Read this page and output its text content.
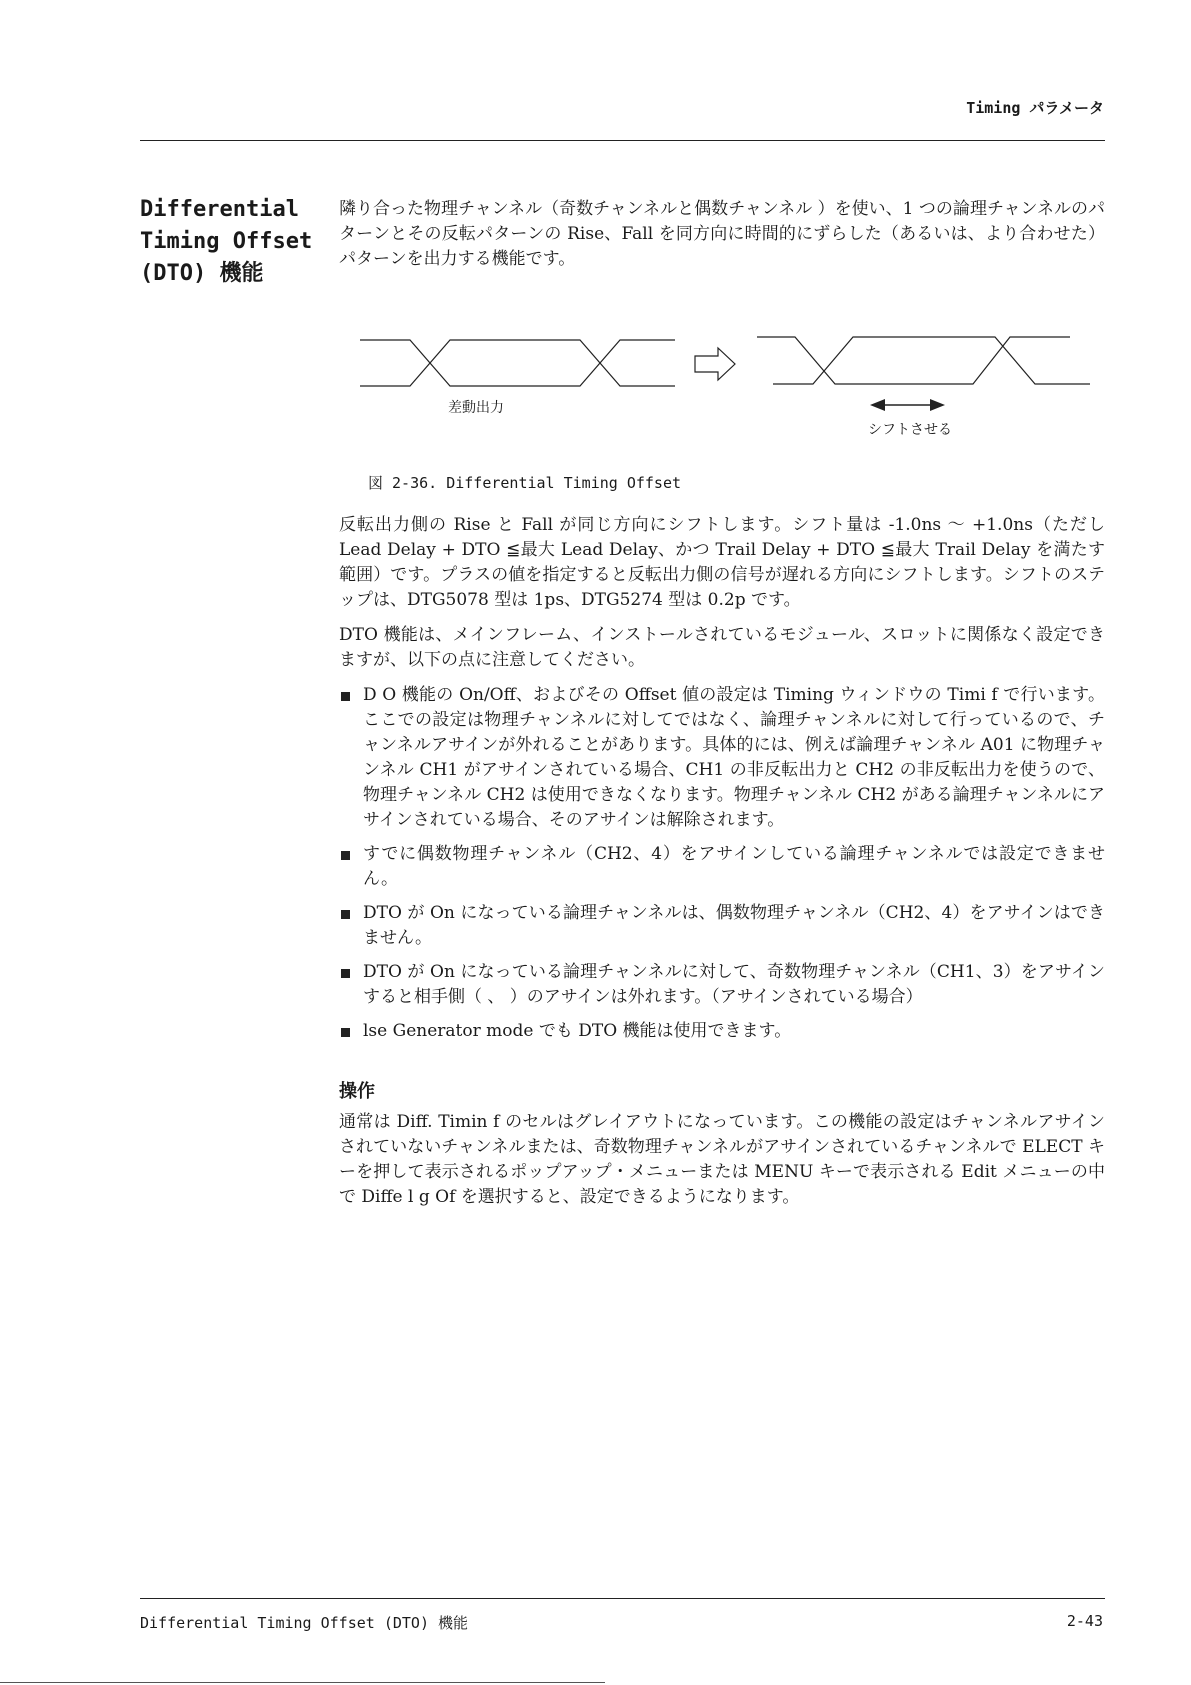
Timing パラメータ
Differential
Timing Offset
(DTO) 機能
隣り合った物理チャンネル（奇数チャンネルと偶数チャンネル ）を使い、1 つの論理チャンネルのパターンとその反転パターンの Rise、Fall を同方向に時間的にずらした（あるいは、より合わせた）パターンを出力する機能です。
差動出力
シフトさせる
図 2-36. Differential Timing Offset
反転出力側の Rise と Fall が同じ方向にシフトします。シフト量は -1.0ns ～ +1.0ns（ただし Lead Delay + DTO ≦最大 Lead Delay、かつ Trail Delay + DTO ≦最大 Trail Delay を満たす範囲）です。プラスの値を指定すると反転出力側の信号が遅れる方向にシフトします。シフトのステップは、DTG5078 型は 1ps、DTG5274 型は 0.2p です。
DTO 機能は、メインフレーム、インストールされているモジュール、スロットに関係なく設定できますが、以下の点に注意してください。
D O 機能の On/Off、およびその Offset 値の設定は Timing ウィンドウの Timi f で行います。ここでの設定は物理チャンネルに対してではなく、論理チャンネルに対して行っているので、チャンネルアサインが外れることがあります。具体的には、例えば論理チャンネル A01 に物理チャンネル CH1 がアサインされている場合、CH1 の非反転出力と CH2 の非反転出力を使うので、物理チャンネル CH2 は使用できなくなります。物理チャンネル CH2 がある論理チャンネルにアサインされている場合、そのアサインは解除されます。
すでに偶数物理チャンネル（CH2、4）をアサインしている論理チャンネルでは設定できません。
DTO が On になっている論理チャンネルは、偶数物理チャンネル（CH2、4）をアサインはできません。
DTO が On になっている論理チャンネルに対して、奇数物理チャンネル（CH1、3）をアサインすると相手側（ 、 ）のアサインは外れます。（アサインされている場合）
lse Generator mode でも DTO 機能は使用できます。
操作
通常は Diff. Timin f のセルはグレイアウトになっています。この機能の設定はチャンネルアサインされていないチャンネルまたは、奇数物理チャンネルがアサインされているチャンネルで ELECT キーを押して表示されるポップアップ・メニューまたは MENU キーで表示される Edit メニューの中で Diffe l g Of を選択すると、設定できるようになります。
Differential Timing Offset (DTO) 機能	2-43
